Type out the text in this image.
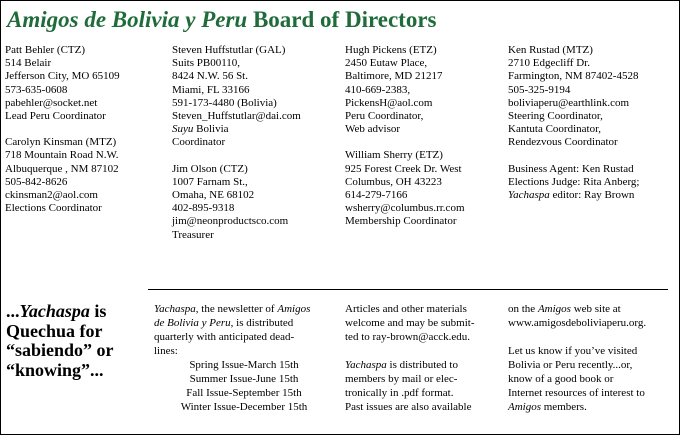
Amigos de Bolivia y Peru Board of Directors
Patt Behler (CTZ)
514 Belair
Jefferson City, MO 65109
573-635-0608
pabehler@socket.net
Lead Peru Coordinator
Carolyn Kinsman (MTZ)
718 Mountain Road N.W.
Albuquerque , NM 87102
505-842-8626
ckinsman2@aol.com
Elections Coordinator
Steven Huffstutlar (GAL)
Suits PB00110,
8424 N.W. 56 St.
Miami, FL 33166
591-173-4480 (Bolivia)
Steven_Huffstutlar@dai.com
Suyu Bolivia
Coordinator
Jim Olson (CTZ)
1007 Farnam St.,
Omaha, NE 68102
402-895-9318
jim@neonproductsco.com
Treasurer
Hugh Pickens (ETZ)
2450 Eutaw Place,
Baltimore, MD 21217
410-669-2383,
PickensH@aol.com
Peru Coordinator,
Web advisor
William Sherry (ETZ)
925 Forest Creek Dr. West
Columbus, OH 43223
614-279-7166
wsherry@columbus.rr.com
Membership Coordinator
Ken Rustad (MTZ)
2710 Edgecliff Dr.
Farmington, NM 87402-4528
505-325-9194
boliviaperu@earthlink.com
Steering Coordinator,
Kantuta Coordinator,
Rendezvous Coordinator
Business Agent: Ken Rustad
Elections Judge: Rita Anberg;
Yachaspa editor: Ray Brown
...Yachaspa is
Quechua for
“sabiendo” or
“knowing”...
Yachaspa, the newsletter of Amigos
de Bolivia y Peru, is distributed
quarterly with anticipated dead-
lines:
Spring Issue-March 15th
Summer Issue-June 15th
Fall Issue-September 15th
Winter Issue-December 15th
Articles and other materials
welcome and may be submit-
ted to ray-brown@acck.edu.
Yachaspa is distributed to
members by mail or elec-
tronically in .pdf format.
Past issues are also available
on the Amigos web site at
www.amigosdeboliviaperu.org.
Let us know if you’ve visited
Bolivia or Peru recently...or,
know of a good book or
Internet resources of interest to
Amigos members.
